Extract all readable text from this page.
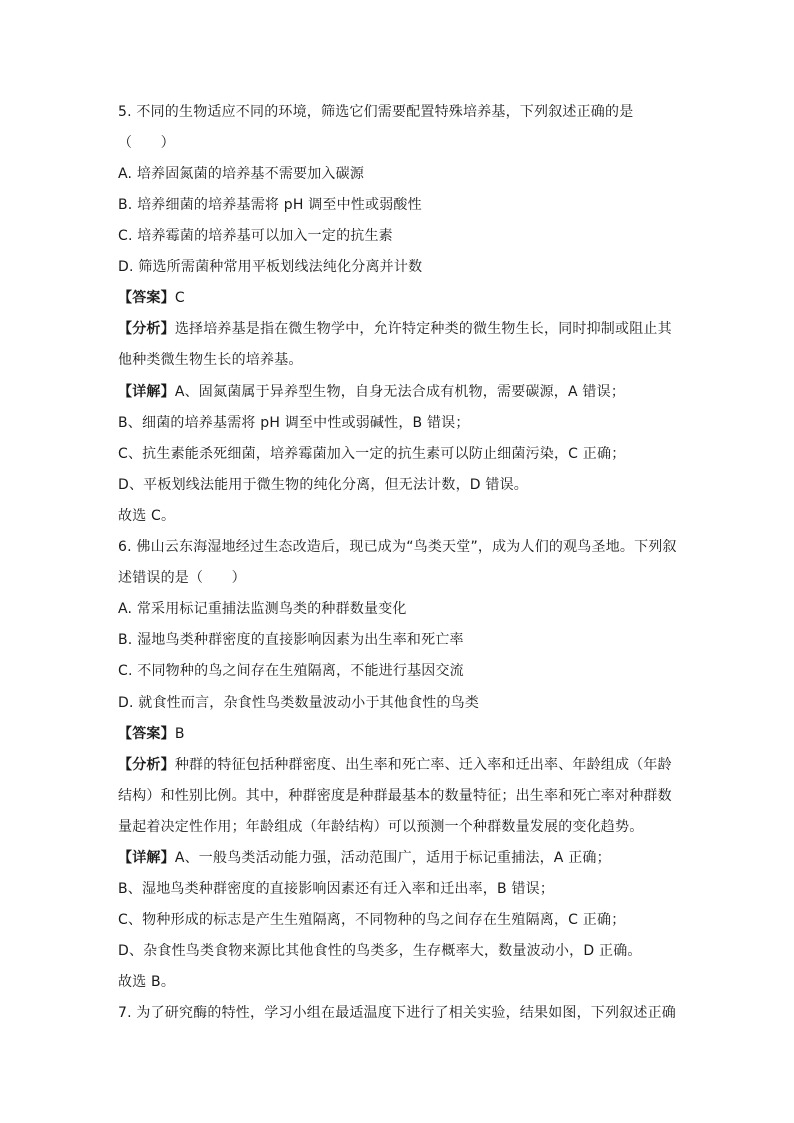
5. 不同的生物适应不同的环境，筛选它们需要配置特殊培养基，下列叙述正确的是
（　　）
A. 培养固氮菌的培养基不需要加入碳源
B. 培养细菌的培养基需将 pH 调至中性或弱酸性
C. 培养霉菌的培养基可以加入一定的抗生素
D. 筛选所需菌种常用平板划线法纯化分离并计数
【答案】C
【分析】选择培养基是指在微生物学中，允许特定种类的微生物生长，同时抑制或阻止其
他种类微生物生长的培养基。
【详解】A、固氮菌属于异养型生物，自身无法合成有机物，需要碳源，A 错误；
B、细菌的培养基需将 pH 调至中性或弱碱性，B 错误；
C、抗生素能杀死细菌，培养霉菌加入一定的抗生素可以防止细菌污染，C 正确；
D、平板划线法能用于微生物的纯化分离，但无法计数，D 错误。
故选 C。
6. 佛山云东海湿地经过生态改造后，现已成为“鸟类天堂”，成为人们的观鸟圣地。下列叙
述错误的是（　　）
A. 常采用标记重捕法监测鸟类的种群数量变化
B. 湿地鸟类种群密度的直接影响因素为出生率和死亡率
C. 不同物种的鸟之间存在生殖隔离，不能进行基因交流
D. 就食性而言，杂食性鸟类数量波动小于其他食性的鸟类
【答案】B
【分析】种群的特征包括种群密度、出生率和死亡率、迁入率和迁出率、年龄组成（年龄
结构）和性别比例。其中，种群密度是种群最基本的数量特征；出生率和死亡率对种群数
量起着决定性作用；年龄组成（年龄结构）可以预测一个种群数量发展的变化趋势。
【详解】A、一般鸟类活动能力强，活动范围广，适用于标记重捕法，A 正确；
B、湿地鸟类种群密度的直接影响因素还有迁入率和迁出率，B 错误；
C、物种形成的标志是产生生殖隔离，不同物种的鸟之间存在生殖隔离，C 正确；
D、杂食性鸟类食物来源比其他食性的鸟类多，生存概率大，数量波动小，D 正确。
故选 B。
7. 为了研究酶的特性，学习小组在最适温度下进行了相关实验，结果如图，下列叙述正确
